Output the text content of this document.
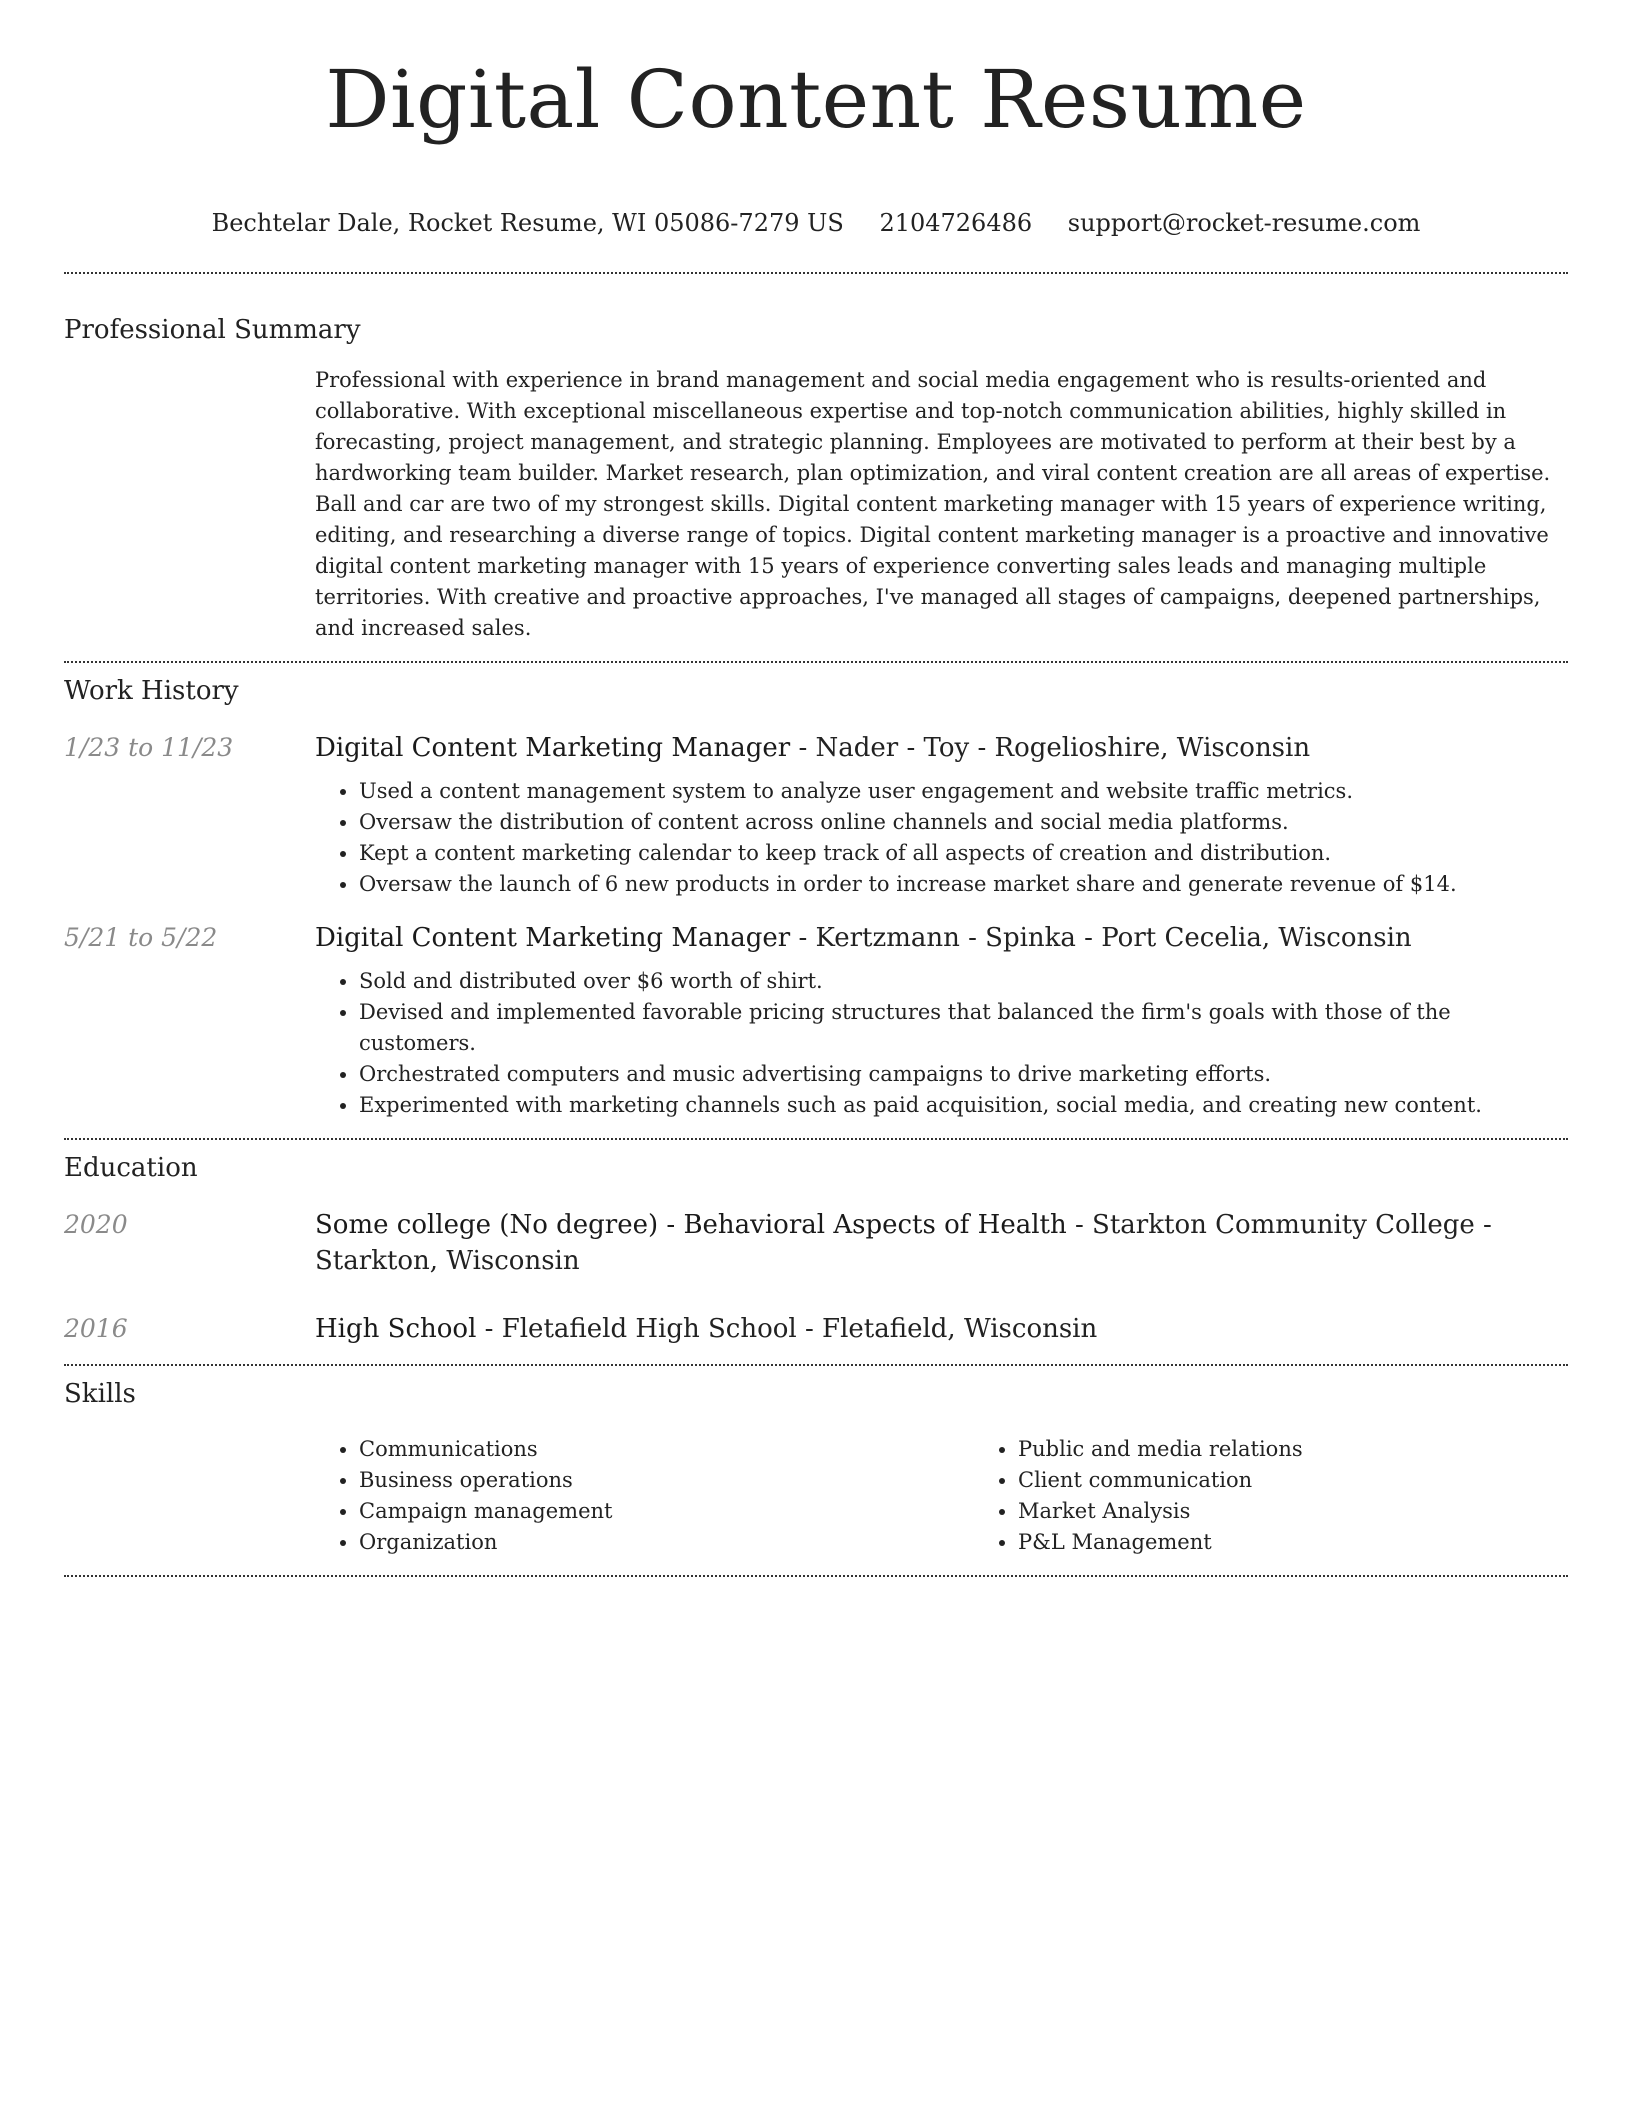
Digital Content Resume
Bechtelar Dale, Rocket Resume, WI 05086-7279 US 2104726486 support@rocket-resume.com
Professional Summary
Professional with experience in brand management and social media engagement who is results-oriented and collaborative. With exceptional miscellaneous expertise and top-notch communication abilities, highly skilled in forecasting, project management, and strategic planning. Employees are motivated to perform at their best by a hardworking team builder. Market research, plan optimization, and viral content creation are all areas of expertise. Ball and car are two of my strongest skills. Digital content marketing manager with 15 years of experience writing, editing, and researching a diverse range of topics. Digital content marketing manager is a proactive and innovative digital content marketing manager with 15 years of experience converting sales leads and managing multiple territories. With creative and proactive approaches, I've managed all stages of campaigns, deepened partnerships, and increased sales.
Work History
1/23 to 11/23	Digital Content Marketing Manager - Nader - Toy - Rogelioshire, Wisconsin
• Used a content management system to analyze user engagement and website traffic metrics.
• Oversaw the distribution of content across online channels and social media platforms.
• Kept a content marketing calendar to keep track of all aspects of creation and distribution.
• Oversaw the launch of 6 new products in order to increase market share and generate revenue of $14.
5/21 to 5/22	Digital Content Marketing Manager - Kertzmann - Spinka - Port Cecelia, Wisconsin
• Sold and distributed over $6 worth of shirt.
• Devised and implemented favorable pricing structures that balanced the firm's goals with those of the customers.
• Orchestrated computers and music advertising campaigns to drive marketing efforts.
• Experimented with marketing channels such as paid acquisition, social media, and creating new content.
Education
2020	Some college (No degree) - Behavioral Aspects of Health - Starkton Community College - Starkton, Wisconsin
2016	High School - Fletafield High School - Fletafield, Wisconsin
Skills
• Communications
• Business operations
• Campaign management
• Organization
• Public and media relations
• Client communication
• Market Analysis
• P&L Management
